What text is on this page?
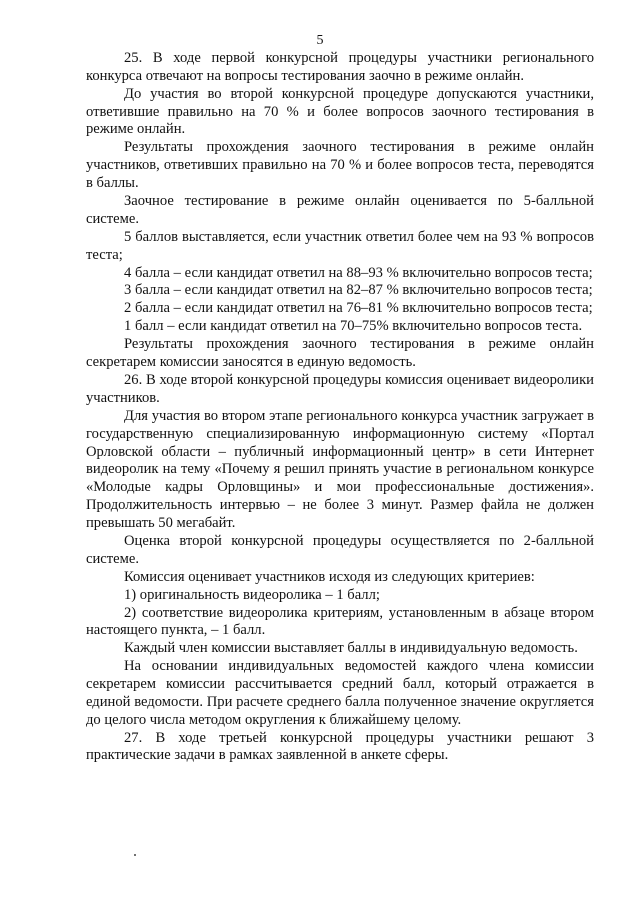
5

25. В ходе первой конкурсной процедуры участники регионального конкурса отвечают на вопросы тестирования заочно в режиме онлайн.

До участия во второй конкурсной процедуре допускаются участники, ответившие правильно на 70 % и более вопросов заочного тестирования в режиме онлайн.

Результаты прохождения заочного тестирования в режиме онлайн участников, ответивших правильно на 70 % и более вопросов теста, переводятся в баллы.

Заочное тестирование в режиме онлайн оценивается по 5-балльной системе.

5 баллов выставляется, если участник ответил более чем на 93 % вопросов теста;

4 балла – если кандидат ответил на 88–93 % включительно вопросов теста;

3 балла – если кандидат ответил на 82–87 % включительно вопросов теста;

2 балла – если кандидат ответил на 76–81 % включительно вопросов теста;

1 балл – если кандидат ответил на 70–75% включительно вопросов теста.

Результаты прохождения заочного тестирования в режиме онлайн секретарем комиссии заносятся в единую ведомость.

26. В ходе второй конкурсной процедуры комиссия оценивает видеоролики участников.

Для участия во втором этапе регионального конкурса участник загружает в государственную специализированную информационную систему «Портал Орловской области – публичный информационный центр» в сети Интернет видеоролик на тему «Почему я решил принять участие в региональном конкурсе «Молодые кадры Орловщины» и мои профессиональные достижения». Продолжительность интервью – не более 3 минут. Размер файла не должен превышать 50 мегабайт.

Оценка второй конкурсной процедуры осуществляется по 2-балльной системе.

Комиссия оценивает участников исходя из следующих критериев:

1) оригинальность видеоролика – 1 балл;

2) соответствие видеоролика критериям, установленным в абзаце втором настоящего пункта, – 1 балл.

Каждый член комиссии выставляет баллы в индивидуальную ведомость.

На основании индивидуальных ведомостей каждого члена комиссии секретарем комиссии рассчитывается средний балл, который отражается в единой ведомости. При расчете среднего балла полученное значение округляется до целого числа методом округления к ближайшему целому.

27. В ходе третьей конкурсной процедуры участники решают 3 практические задачи в рамках заявленной в анкете сферы.
